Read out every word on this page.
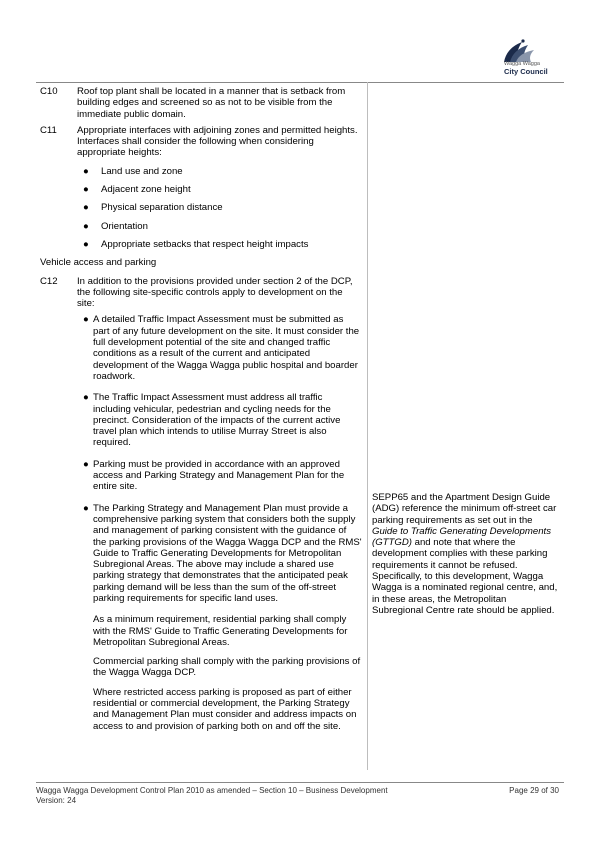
Wagga Wagga
City Council
C10 Roof top plant shall be located in a manner that is setback from building edges and screened so as not to be visible from the immediate public domain.
C11 Appropriate interfaces with adjoining zones and permitted heights. Interfaces shall consider the following when considering appropriate heights:
● Land use and zone
● Adjacent zone height
● Physical separation distance
● Orientation
● Appropriate setbacks that respect height impacts
Vehicle access and parking
C12 In addition to the provisions provided under section 2 of the DCP, the following site-specific controls apply to development on the site:
● A detailed Traffic Impact Assessment must be submitted as part of any future development on the site. It must consider the full development potential of the site and changed traffic conditions as a result of the current and anticipated development of the Wagga Wagga public hospital and boarder roadwork.
● The Traffic Impact Assessment must address all traffic including vehicular, pedestrian and cycling needs for the precinct. Consideration of the impacts of the current active travel plan which intends to utilise Murray Street is also required.
● Parking must be provided in accordance with an approved access and Parking Strategy and Management Plan for the entire site.
● The Parking Strategy and Management Plan must provide a comprehensive parking system that considers both the supply and management of parking consistent with the guidance of the parking provisions of the Wagga Wagga DCP and the RMS' Guide to Traffic Generating Developments for Metropolitan Subregional Areas. The above may include a shared use parking strategy that demonstrates that the anticipated peak parking demand will be less than the sum of the off-street parking requirements for specific land uses.
As a minimum requirement, residential parking shall comply with the RMS' Guide to Traffic Generating Developments for Metropolitan Subregional Areas.
Commercial parking shall comply with the parking provisions of the Wagga Wagga DCP.
Where restricted access parking is proposed as part of either residential or commercial development, the Parking Strategy and Management Plan must consider and address impacts on access to and provision of parking both on and off the site.
SEPP65 and the Apartment Design Guide (ADG) reference the minimum off-street car parking requirements as set out in the Guide to Traffic Generating Developments (GTTGD) and note that where the development complies with these parking requirements it cannot be refused. Specifically, to this development, Wagga Wagga is a nominated regional centre, and, in these areas, the Metropolitan Subregional Centre rate should be applied.
Wagga Wagga Development Control Plan 2010 as amended – Section 10 – Business Development
Version: 24
Page 29 of 30
